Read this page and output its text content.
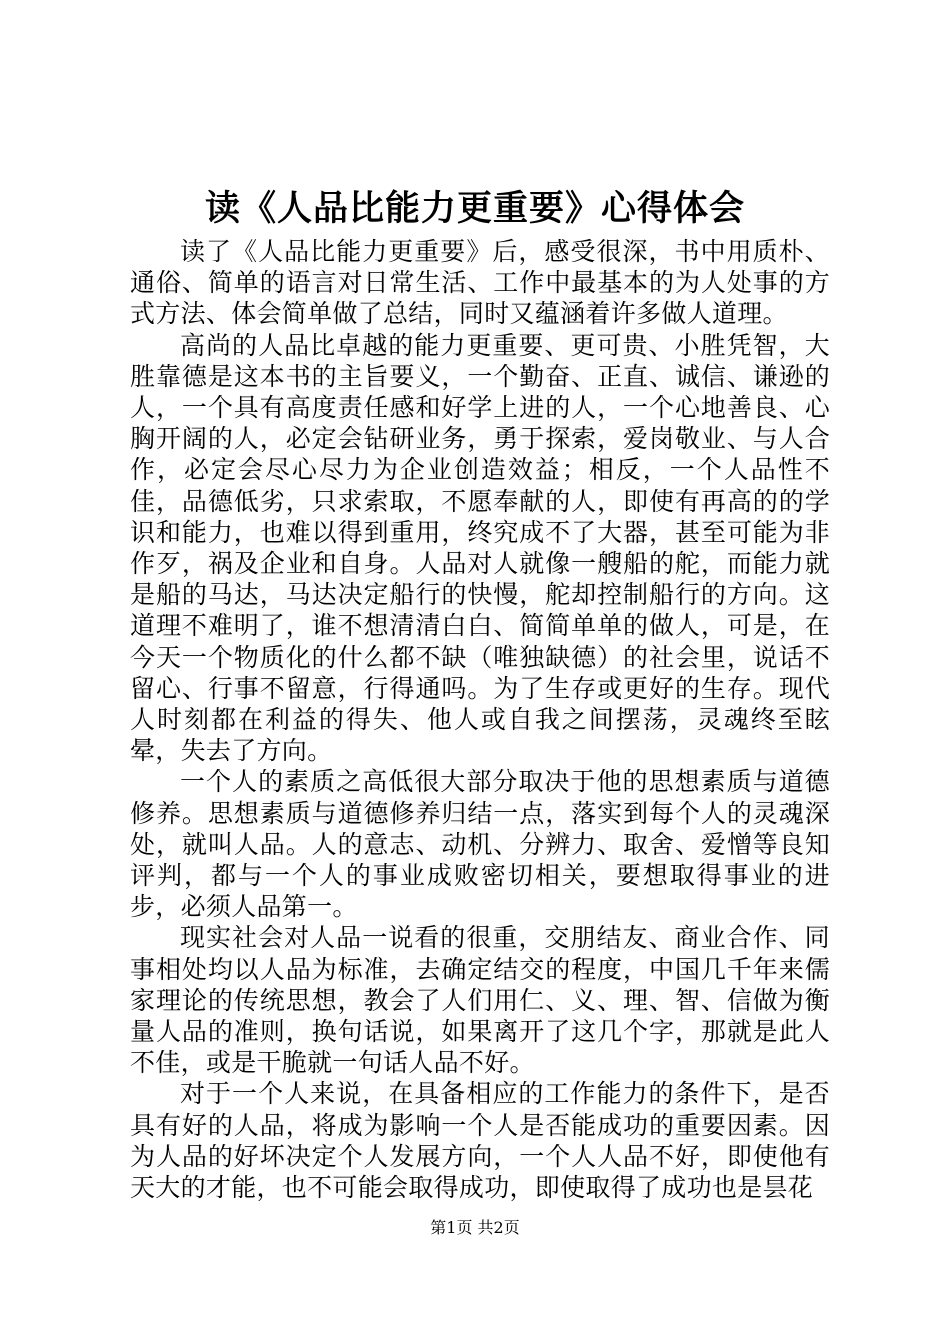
读《人品比能力更重要》心得体会

读了《人品比能力更重要》后，感受很深，书中用质朴、通俗、简单的语言对日常生活、工作中最基本的为人处事的方式方法、体会简单做了总结，同时又蕴涵着许多做人道理。

高尚的人品比卓越的能力更重要、更可贵、小胜凭智，大胜靠德是这本书的主旨要义，一个勤奋、正直、诚信、谦逊的人，一个具有高度责任感和好学上进的人，一个心地善良、心胸开阔的人，必定会钻研业务，勇于探索，爱岗敬业、与人合作，必定会尽心尽力为企业创造效益；相反，一个人品性不佳，品德低劣，只求索取，不愿奉献的人，即使有再高的的学识和能力，也难以得到重用，终究成不了大器，甚至可能为非作歹，祸及企业和自身。人品对人就像一艘船的舵，而能力就是船的马达，马达决定船行的快慢，舵却控制船行的方向。这道理不难明了，谁不想清清白白、简简单单的做人，可是，在今天一个物质化的什么都不缺（唯独缺德）的社会里，说话不留心、行事不留意，行得通吗。为了生存或更好的生存。现代人时刻都在利益的得失、他人或自我之间摆荡，灵魂终至眩晕，失去了方向。

一个人的素质之高低很大部分取决于他的思想素质与道德修养。思想素质与道德修养归结一点，落实到每个人的灵魂深处，就叫人品。人的意志、动机、分辨力、取舍、爱憎等良知评判，都与一个人的事业成败密切相关，要想取得事业的进步，必须人品第一。

现实社会对人品一说看的很重，交朋结友、商业合作、同事相处均以人品为标准，去确定结交的程度，中国几千年来儒家理论的传统思想，教会了人们用仁、义、理、智、信做为衡量人品的准则，换句话说，如果离开了这几个字，那就是此人不佳，或是干脆就一句话人品不好。

对于一个人来说，在具备相应的工作能力的条件下，是否具有好的人品，将成为影响一个人是否能成功的重要因素。因为人品的好坏决定个人发展方向，一个人人品不好，即使他有天大的才能，也不可能会取得成功，即使取得了成功也是昙花

第1页 共2页
